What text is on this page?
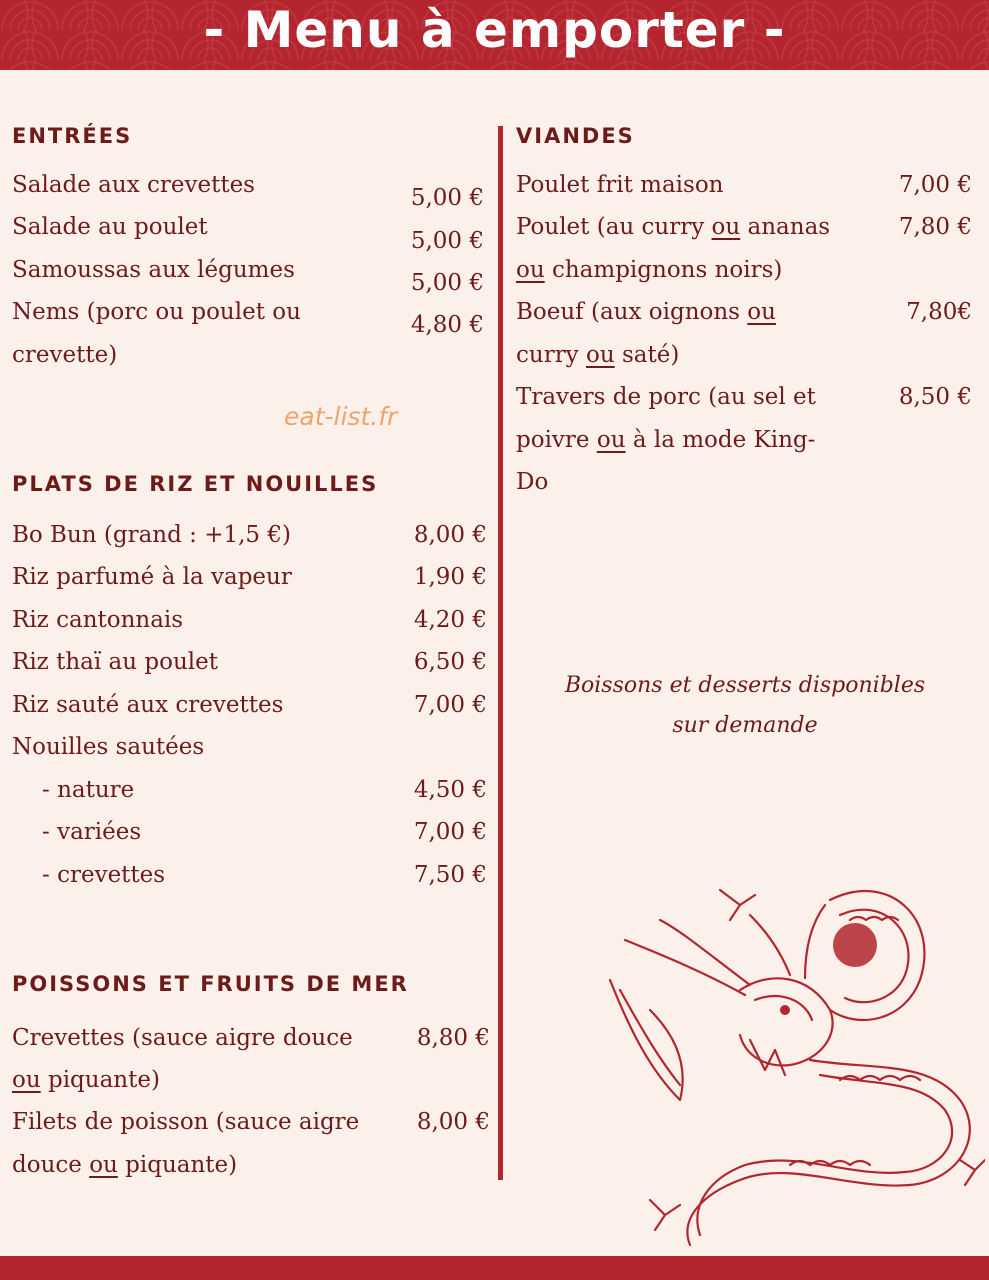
- Menu à emporter -
ENTRÉES
Salade aux crevettes	5,00 €
Salade au poulet
5,00 €
Samoussas aux légumes	5,00 €
Nems (porc ou poulet ou
crevette)
4,80 €
eat-list.fr
PLATS DE RIZ ET NOUILLES
Bo Bun (grand : +1,5 €)	8,00 €
Riz parfumé à la vapeur	1,90 €
Riz cantonnais	4,20 €
Riz thaï au poulet	6,50 €
Riz sauté aux crevettes	7,00 €
Nouilles sautées
- nature	4,50 €
- variées	7,00 €
- crevettes	7,50 €
POISSONS ET FRUITS DE MER
Crevettes (sauce aigre douce
ou piquante)
8,80 €
Filets de poisson (sauce aigre
douce ou piquante)
8,00 €
VIANDES
Poulet frit maison	7,00 €
Poulet (au curry ou ananas
ou champignons noirs)
7,80 €
Boeuf (aux oignons ou
curry ou saté)
7,80€
Travers de porc (au sel et
poivre ou à la mode King-
Do
8,50 €
Boissons et desserts disponibles
sur demande
